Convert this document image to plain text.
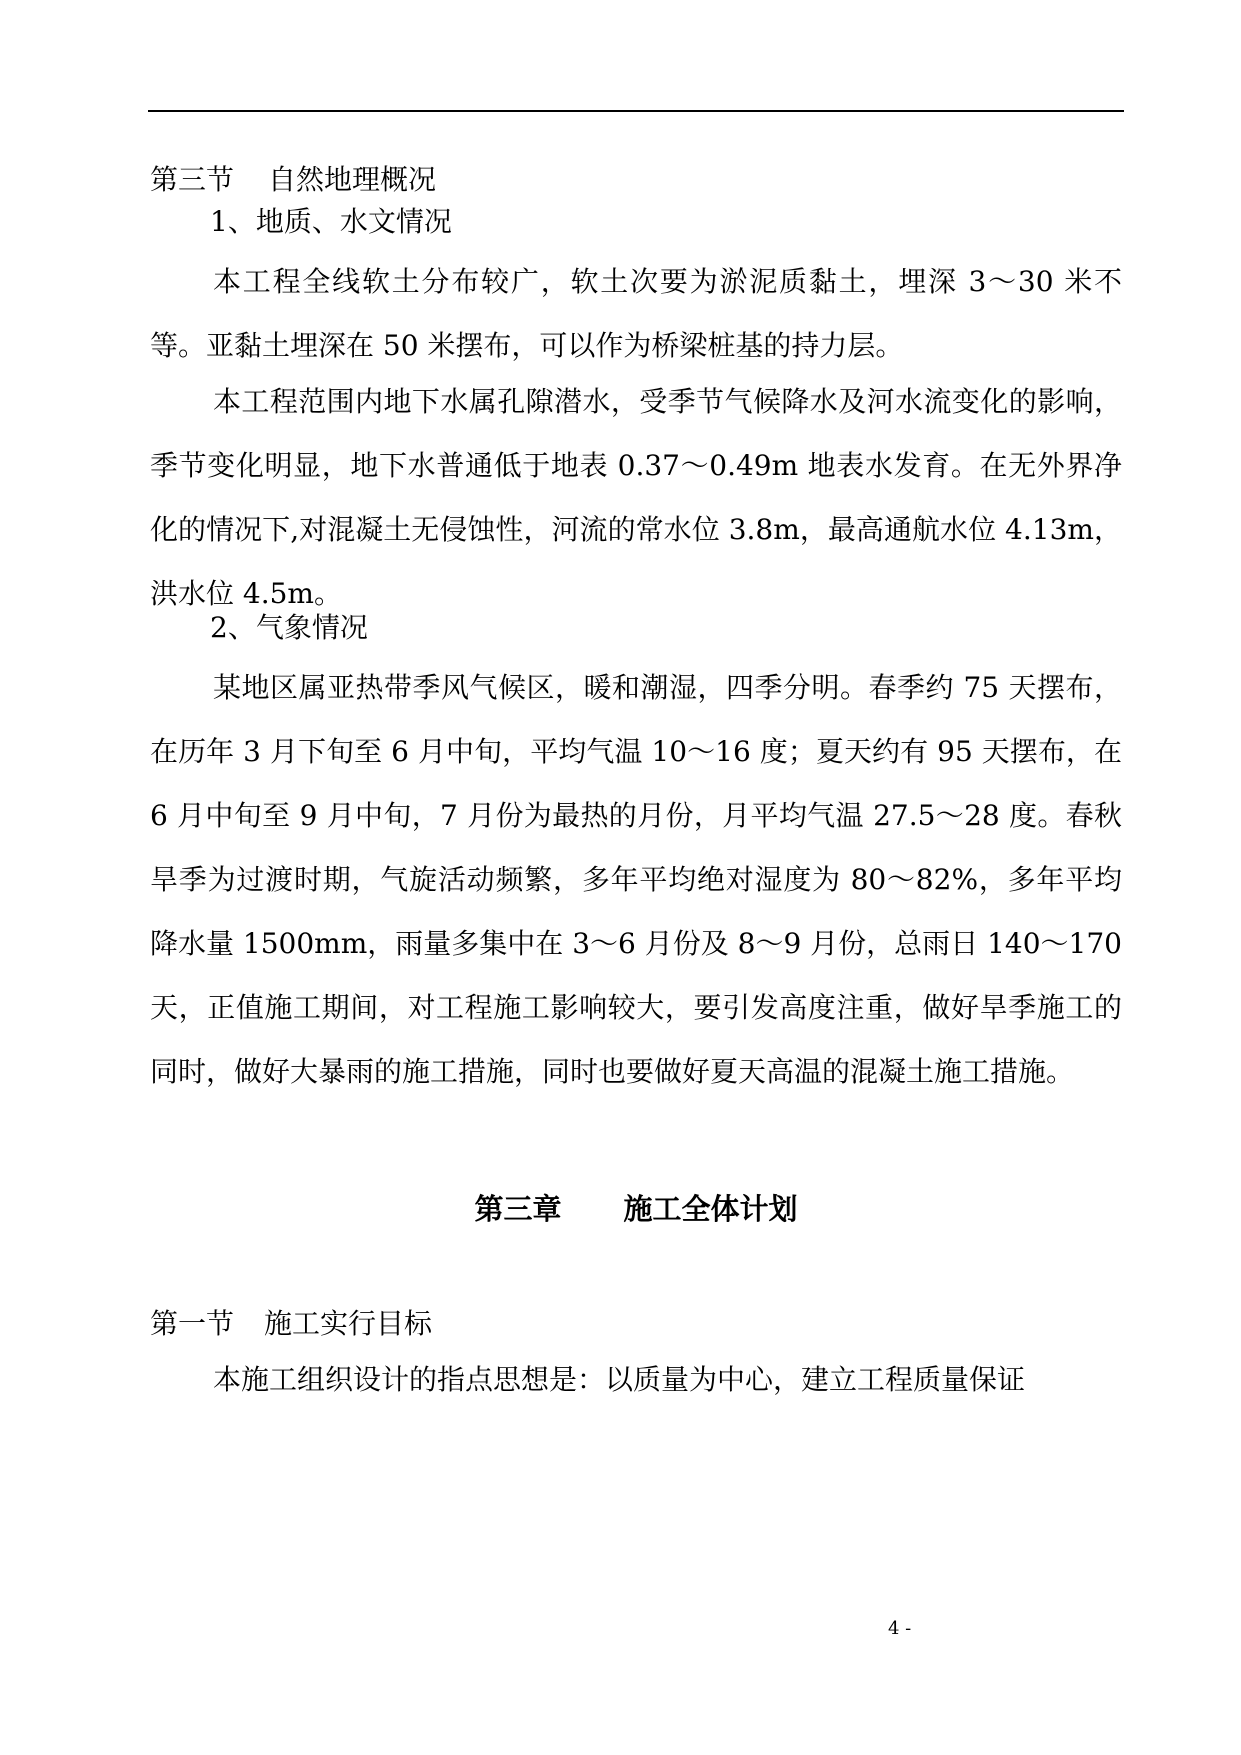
第三节 自然地理概况
1、地质、水文情况
本工程全线软土分布较广，软土次要为淤泥质黏土，埋深 3～30 米不等。亚黏土埋深在 50 米摆布，可以作为桥梁桩基的持力层。
本工程范围内地下水属孔隙潜水，受季节气候降水及河水流变化的影响，季节变化明显，地下水普通低于地表 0.37～0.49m 地表水发育。在无外界净化的情况下,对混凝土无侵蚀性，河流的常水位 3.8m，最高通航水位 4.13m，洪水位 4.5m。
2、气象情况
某地区属亚热带季风气候区，暖和潮湿，四季分明。春季约 75 天摆布，在历年 3 月下旬至 6 月中旬，平均气温 10～16 度；夏天约有 95 天摆布，在 6 月中旬至 9 月中旬，7 月份为最热的月份，月平均气温 27.5～28 度。春秋旱季为过渡时期，气旋活动频繁，多年平均绝对湿度为 80～82%，多年平均降水量 1500mm，雨量多集中在 3～6 月份及 8～9 月份，总雨日 140～170 天，正值施工期间，对工程施工影响较大，要引发高度注重，做好旱季施工的同时，做好大暴雨的施工措施，同时也要做好夏天高温的混凝土施工措施。
第三章 施工全体计划
第一节 施工实行目标
本施工组织设计的指点思想是：以质量为中心，建立工程质量保证
4 -
